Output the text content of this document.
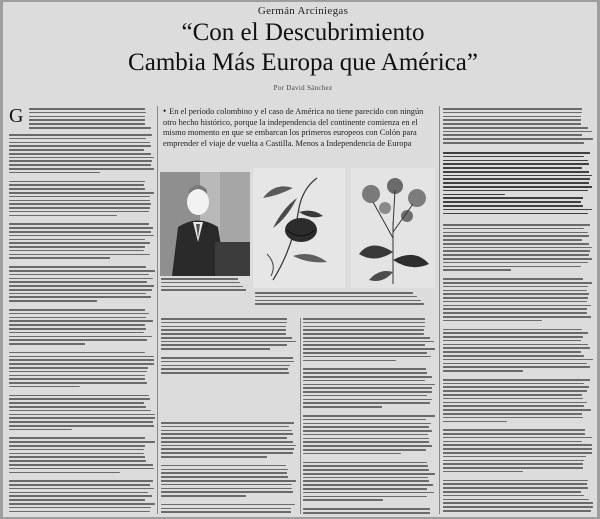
Germán Arciniegas
“Con el Descubrimiento
Cambia Más Europa que América”
Por David Sánchez
G	• En el período colombino y el caso de América no tiene parecido con ningún otro hecho histórico, porque la independencia del continente comienza en el mismo momento en que se embarcan los primeros europeos con Colón para emprender el viaje de vuelta a Castilla. Menos a Independencia de Europa
